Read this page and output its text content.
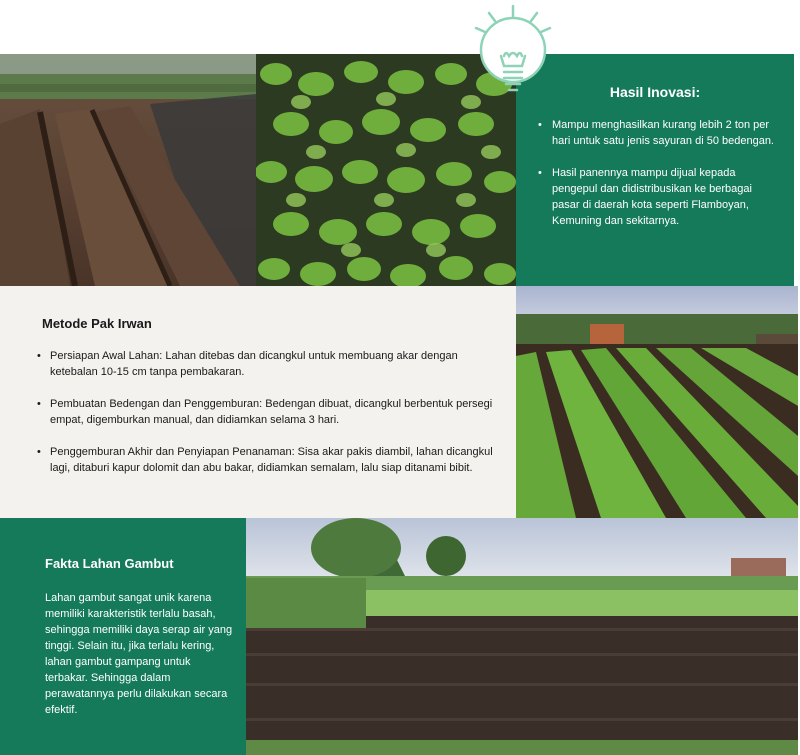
Hasil Inovasi:
• Mampu menghasilkan kurang lebih 2 ton per hari untuk satu jenis sayuran di 50 bedengan.
• Hasil panennya mampu dijual kepada pengepul dan didistribusikan ke berbagai pasar di daerah kota seperti Flamboyan, Kemuning dan sekitarnya.
Metode Pak Irwan
• Persiapan Awal Lahan: Lahan ditebas dan dicangkul untuk membuang akar dengan ketebalan 10-15 cm tanpa pembakaran.
• Pembuatan Bedengan dan Penggemburan: Bedengan dibuat, dicangkul berbentuk persegi empat, digemburkan manual, dan didiamkan selama 3 hari.
• Penggemburan Akhir dan Penyiapan Penanaman: Sisa akar pakis diambil, lahan dicangkul lagi, ditaburi kapur dolomit dan abu bakar, didiamkan semalam, lalu siap ditanami bibit.
Fakta Lahan Gambut

Lahan gambut sangat unik karena memiliki karakteristik terlalu basah, sehingga memiliki daya serap air yang tinggi. Selain itu, jika terlalu kering, lahan gambut gampang untuk terbakar. Sehingga dalam perawatannya perlu dilakukan secara efektif.
